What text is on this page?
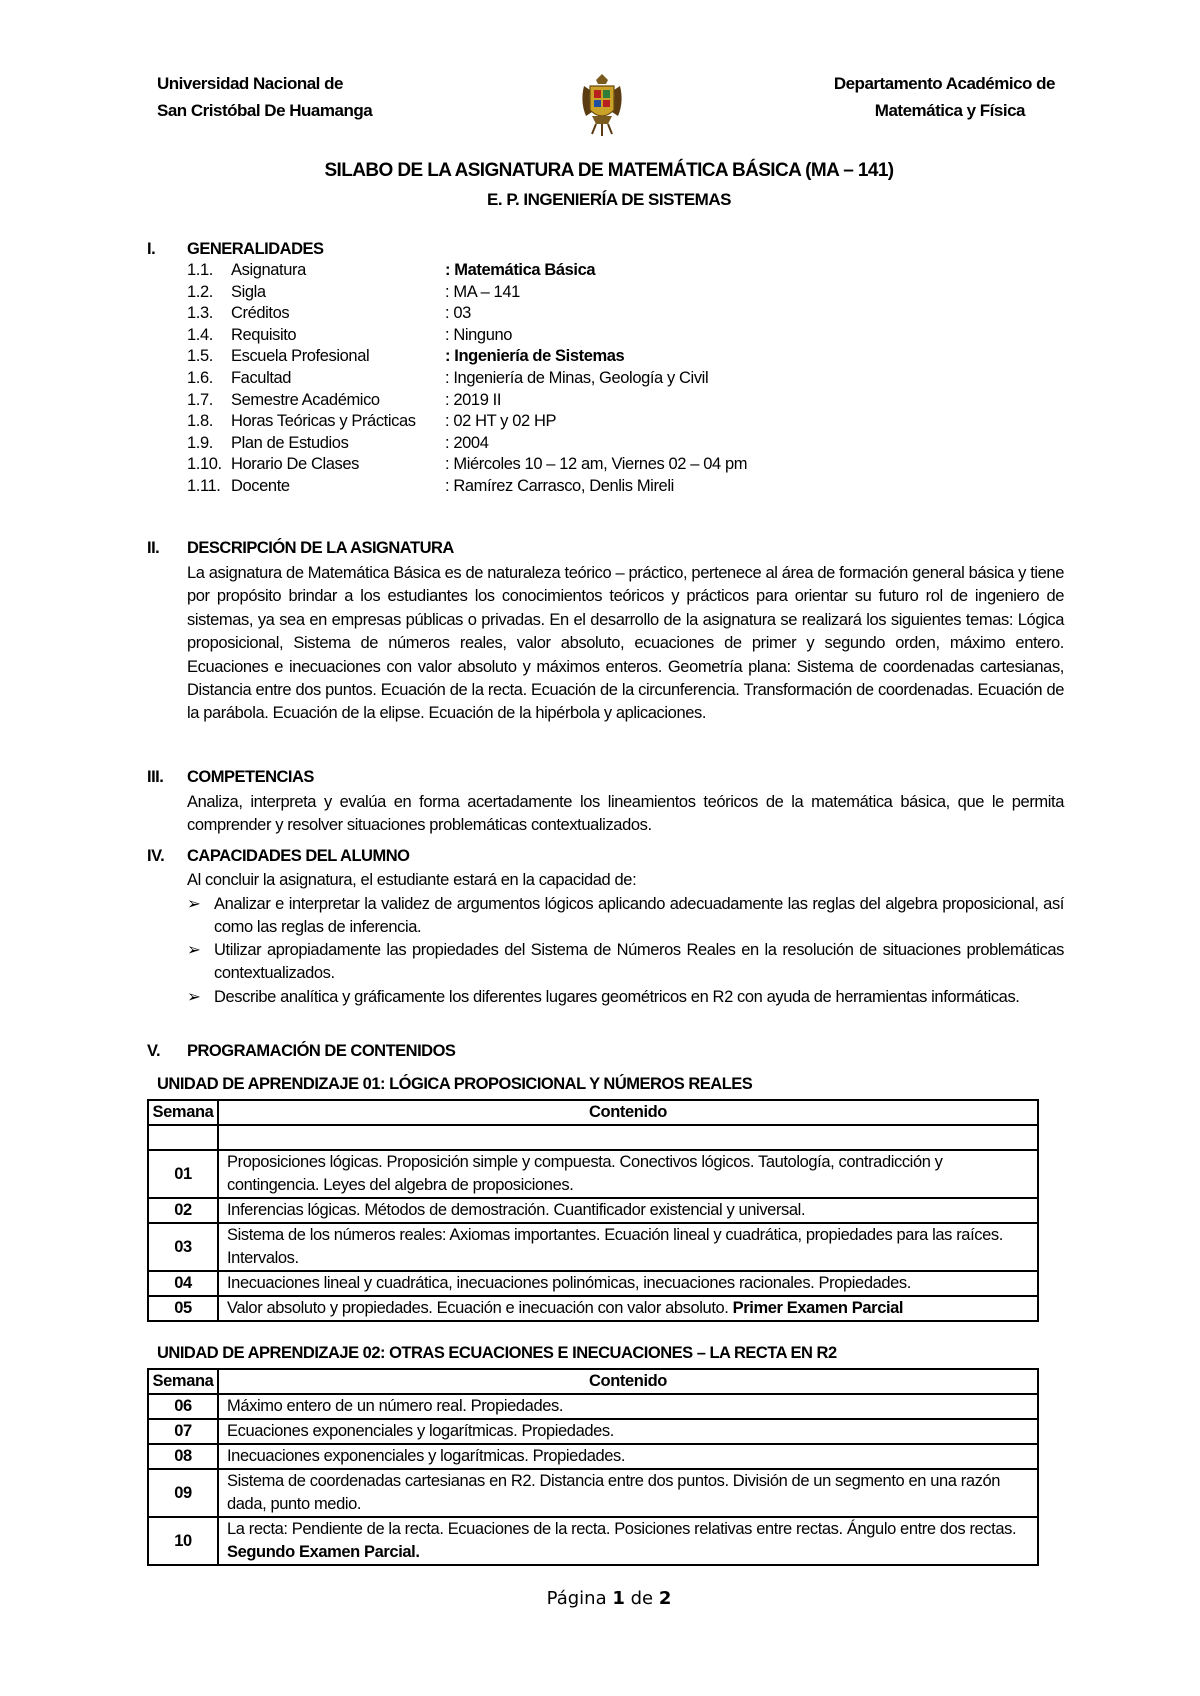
Universidad Nacional de
San Cristóbal De Huamanga
Departamento Académico de
Matemática y Física
SILABO DE LA ASIGNATURA DE MATEMÁTICA BÁSICA (MA – 141)
E. P. INGENIERÍA DE SISTEMAS
I. GENERALIDADES
1.1. Asignatura	: Matemática Básica
1.2. Sigla	: MA – 141
1.3. Créditos	: 03
1.4. Requisito	: Ninguno
1.5. Escuela Profesional	: Ingeniería de Sistemas
1.6. Facultad	: Ingeniería de Minas, Geología y Civil
1.7. Semestre Académico	: 2019 II
1.8. Horas Teóricas y Prácticas : 02 HT y 02 HP
1.9. Plan de Estudios	: 2004
1.10. Horario De Clases	: Miércoles 10 – 12 am, Viernes 02 – 04 pm
1.11. Docente	: Ramírez Carrasco, Denlis Mireli
II. DESCRIPCIÓN DE LA ASIGNATURA
La asignatura de Matemática Básica es de naturaleza teórico – práctico, pertenece al área de formación general básica y tiene por propósito brindar a los estudiantes los conocimientos teóricos y prácticos para orientar su futuro rol de ingeniero de sistemas, ya sea en empresas públicas o privadas. En el desarrollo de la asignatura se realizará los siguientes temas: Lógica proposicional, Sistema de números reales, valor absoluto, ecuaciones de primer y segundo orden, máximo entero. Ecuaciones e inecuaciones con valor absoluto y máximos enteros. Geometría plana: Sistema de coordenadas cartesianas, Distancia entre dos puntos. Ecuación de la recta. Ecuación de la circunferencia. Transformación de coordenadas. Ecuación de la parábola. Ecuación de la elipse. Ecuación de la hipérbola y aplicaciones.
III. COMPETENCIAS
Analiza, interpreta y evalúa en forma acertadamente los lineamientos teóricos de la matemática básica, que le permita comprender y resolver situaciones problemáticas contextualizados.
IV. CAPACIDADES DEL ALUMNO
Al concluir la asignatura, el estudiante estará en la capacidad de:
➢ Analizar e interpretar la validez de argumentos lógicos aplicando adecuadamente las reglas del algebra proposicional, así como las reglas de inferencia.
➢ Utilizar apropiadamente las propiedades del Sistema de Números Reales en la resolución de situaciones problemáticas contextualizados.
➢ Describe analítica y gráficamente los diferentes lugares geométricos en R2 con ayuda de herramientas informáticas.
V. PROGRAMACIÓN DE CONTENIDOS
UNIDAD DE APRENDIZAJE 01: LÓGICA PROPOSICIONAL Y NÚMEROS REALES
Semana	Contenido

01	Proposiciones lógicas. Proposición simple y compuesta. Conectivos lógicos. Tautología, contradicción y contingencia. Leyes del algebra de proposiciones.
02	Inferencias lógicas. Métodos de demostración. Cuantificador existencial y universal.
03	Sistema de los números reales: Axiomas importantes. Ecuación lineal y cuadrática, propiedades para las raíces. Intervalos.
04	Inecuaciones lineal y cuadrática, inecuaciones polinómicas, inecuaciones racionales. Propiedades.
05	Valor absoluto y propiedades. Ecuación e inecuación con valor absoluto. Primer Examen Parcial
UNIDAD DE APRENDIZAJE 02: OTRAS ECUACIONES E INECUACIONES – LA RECTA EN R2
Semana	Contenido
06	Máximo entero de un número real. Propiedades.
07	Ecuaciones exponenciales y logarítmicas. Propiedades.
08	Inecuaciones exponenciales y logarítmicas. Propiedades.
09	Sistema de coordenadas cartesianas en R2. Distancia entre dos puntos. División de un segmento en una razón dada, punto medio.
10	La recta: Pendiente de la recta. Ecuaciones de la recta. Posiciones relativas entre rectas. Ángulo entre dos rectas. Segundo Examen Parcial.
Página 1 de 2
